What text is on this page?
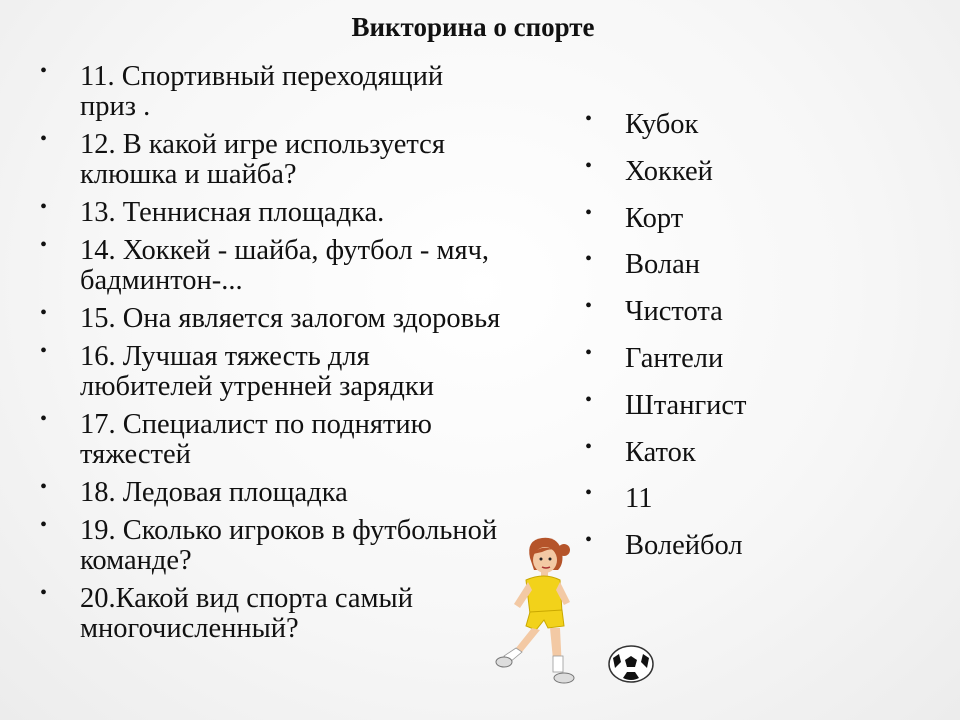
Викторина о спорте
• 11. Спортивный переходящий
приз .
• 12. В какой игре используется
клюшка и шайба?
• 13. Теннисная площадка.
• 14. Хоккей - шайба, футбол - мяч,
бадминтон-...
• 15. Она является залогом здоровья
• 16. Лучшая тяжесть для
любителей утренней зарядки
• 17. Специалист по поднятию
тяжестей
• 18. Ледовая площадка
• 19. Сколько игроков в футбольной
команде?
• 20.Какой вид спорта самый
многочисленный?
• Кубок
• Хоккей
• Корт
• Волан
• Чистота
• Гантели
• Штангист
• Каток
• 11
• Волейбол
